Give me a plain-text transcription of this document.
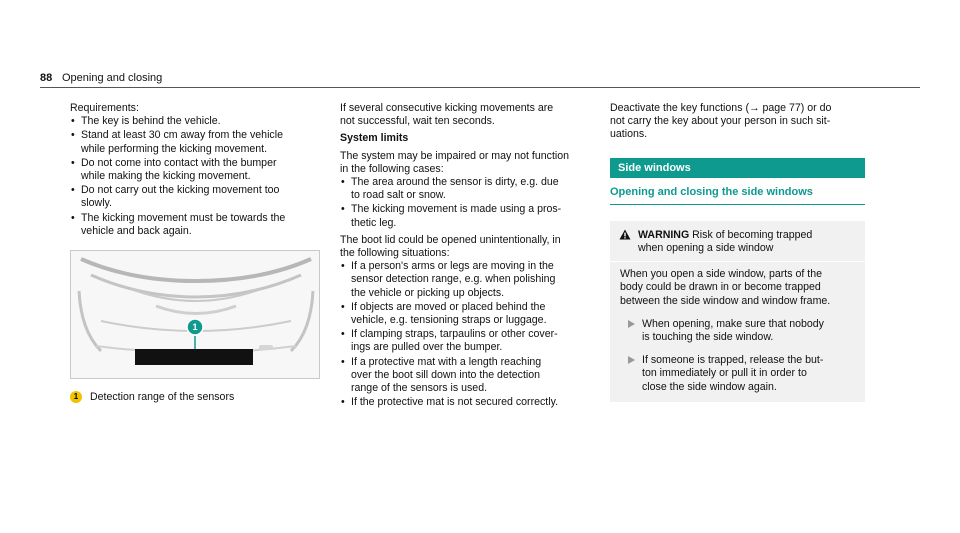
88 Opening and closing

Requirements:

• The key is behind the vehicle.
• Stand at least 30 cm away from the vehicle
while performing the kicking movement.
• Do not come into contact with the bumper
while making the kicking movement.
• Do not carry out the kicking movement too
slowly.
• The kicking movement must be towards the
vehicle and back again.
1
1	Detection range of the sensors

If several consecutive kicking movements are
not successful, wait ten seconds.

System limits

The system may be impaired or may not function
in the following cases:

• The area around the sensor is dirty, e.g. due
to road salt or snow.
• The kicking movement is made using a pros-
thetic leg.

The boot lid could be opened unintentionally, in
the following situations:

• If a person's arms or legs are moving in the
sensor detection range, e.g. when polishing
the vehicle or picking up objects.
• If objects are moved or placed behind the
vehicle, e.g. tensioning straps or luggage.
• If clamping straps, tarpaulins or other cover-
ings are pulled over the bumper.
• If a protective mat with a length reaching
over the boot sill down into the detection
range of the sensors is used.
• If the protective mat is not secured correctly.

Deactivate the key functions (→ page 77) or do
not carry the key about your person in such sit-
uations.

Side windows
Opening and closing the side windows
WARNING Risk of becoming trapped
when opening a side window

When you open a side window, parts of the
body could be drawn in or become trapped
between the side window and window frame.

When opening, make sure that nobody
is touching the side window.
If someone is trapped, release the but-
ton immediately or pull it in order to
close the side window again.
